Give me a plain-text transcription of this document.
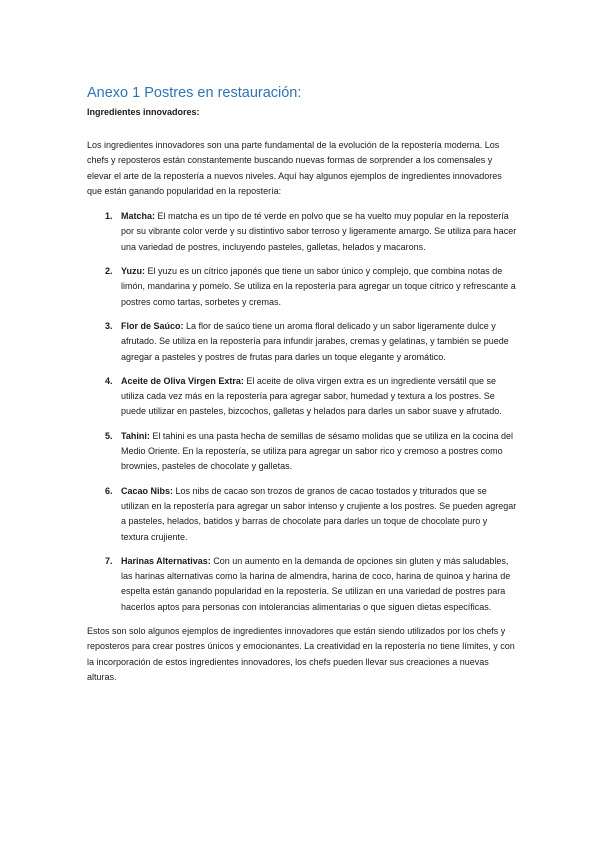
Anexo 1 Postres en restauración:
Ingredientes innovadores:

Los ingredientes innovadores son una parte fundamental de la evolución de la repostería moderna. Los chefs y reposteros están constantemente buscando nuevas formas de sorprender a los comensales y elevar el arte de la repostería a nuevos niveles. Aquí hay algunos ejemplos de ingredientes innovadores que están ganando popularidad en la repostería:

1. Matcha: El matcha es un tipo de té verde en polvo que se ha vuelto muy popular en la repostería por su vibrante color verde y su distintivo sabor terroso y ligeramente amargo. Se utiliza para hacer una variedad de postres, incluyendo pasteles, galletas, helados y macarons.
2. Yuzu: El yuzu es un cítrico japonés que tiene un sabor único y complejo, que combina notas de limón, mandarina y pomelo. Se utiliza en la repostería para agregar un toque cítrico y refrescante a postres como tartas, sorbetes y cremas.
3. Flor de Saúco: La flor de saúco tiene un aroma floral delicado y un sabor ligeramente dulce y afrutado. Se utiliza en la repostería para infundir jarabes, cremas y gelatinas, y también se puede agregar a pasteles y postres de frutas para darles un toque elegante y aromático.
4. Aceite de Oliva Virgen Extra: El aceite de oliva virgen extra es un ingrediente versátil que se utiliza cada vez más en la repostería para agregar sabor, humedad y textura a los postres. Se puede utilizar en pasteles, bizcochos, galletas y helados para darles un sabor suave y afrutado.
5. Tahini: El tahini es una pasta hecha de semillas de sésamo molidas que se utiliza en la cocina del Medio Oriente. En la repostería, se utiliza para agregar un sabor rico y cremoso a postres como brownies, pasteles de chocolate y galletas.
6. Cacao Nibs: Los nibs de cacao son trozos de granos de cacao tostados y triturados que se utilizan en la repostería para agregar un sabor intenso y crujiente a los postres. Se pueden agregar a pasteles, helados, batidos y barras de chocolate para darles un toque de chocolate puro y textura crujiente.
7. Harinas Alternativas: Con un aumento en la demanda de opciones sin gluten y más saludables, las harinas alternativas como la harina de almendra, harina de coco, harina de quinoa y harina de espelta están ganando popularidad en la repostería. Se utilizan en una variedad de postres para hacerlos aptos para personas con intolerancias alimentarias o que siguen dietas específicas.

Estos son solo algunos ejemplos de ingredientes innovadores que están siendo utilizados por los chefs y reposteros para crear postres únicos y emocionantes. La creatividad en la repostería no tiene límites, y con la incorporación de estos ingredientes innovadores, los chefs pueden llevar sus creaciones a nuevas alturas.
